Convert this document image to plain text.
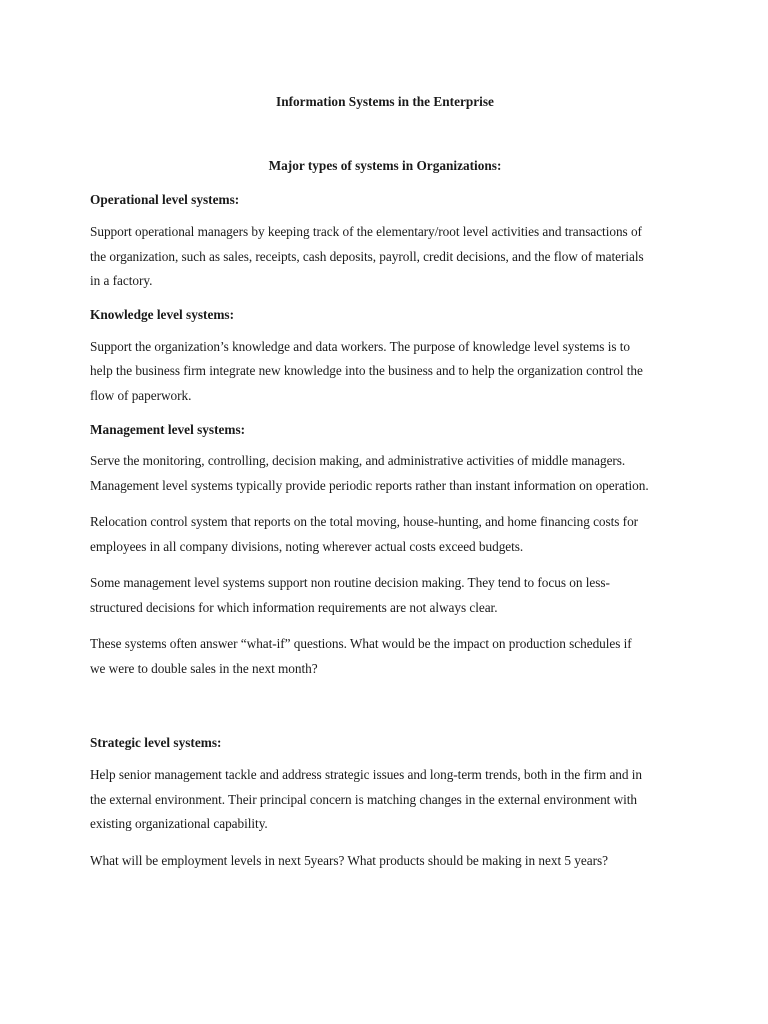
Information Systems in the Enterprise

Major types of systems in Organizations:

Operational level systems:

Support operational managers by keeping track of the elementary/root level activities and transactions of
the organization, such as sales, receipts, cash deposits, payroll, credit decisions, and the flow of materials
in a factory.

Knowledge level systems:

Support the organization’s knowledge and data workers. The purpose of knowledge level systems is to
help the business firm integrate new knowledge into the business and to help the organization control the
flow of paperwork.

Management level systems:

Serve the monitoring, controlling, decision making, and administrative activities of middle managers.
Management level systems typically provide periodic reports rather than instant information on operation.

Relocation control system that reports on the total moving, house-hunting, and home financing costs for
employees in all company divisions, noting wherever actual costs exceed budgets.

Some management level systems support non routine decision making. They tend to focus on less-
structured decisions for which information requirements are not always clear.

These systems often answer “what-if” questions. What would be the impact on production schedules if
we were to double sales in the next month?

Strategic level systems:

Help senior management tackle and address strategic issues and long-term trends, both in the firm and in
the external environment. Their principal concern is matching changes in the external environment with
existing organizational capability.

What will be employment levels in next 5years? What products should be making in next 5 years?
